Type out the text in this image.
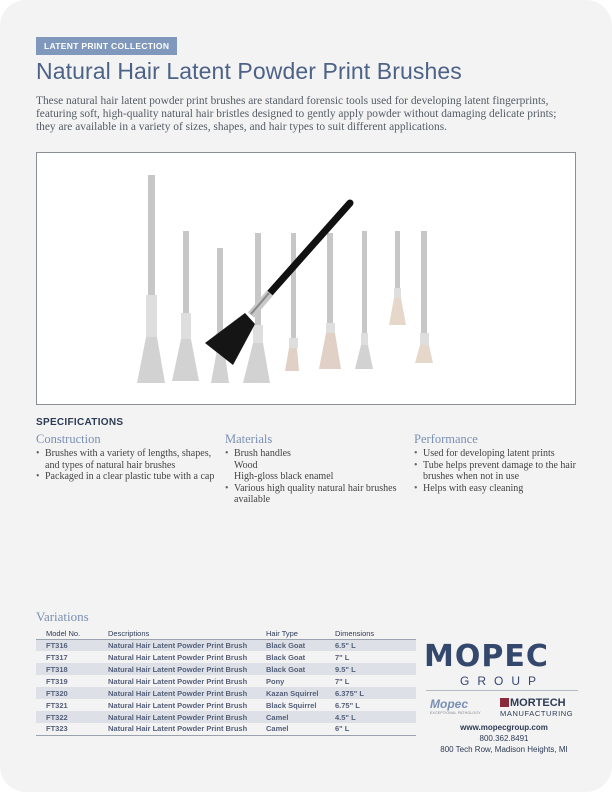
LATENT PRINT COLLECTION
Natural Hair Latent Powder Print Brushes
These natural hair latent powder print brushes are standard forensic tools used for developing latent fingerprints, featuring soft, high-quality natural hair bristles designed to gently apply powder without damaging delicate prints; they are available in a variety of sizes, shapes, and hair types to suit different applications.
SPECIFICATIONS
Construction
• Brushes with a variety of lengths, shapes, and types of natural hair brushes
• Packaged in a clear plastic tube with a cap
Materials
• Brush handles
Wood
High-gloss black enamel
• Various high quality natural hair brushes available
Performance
• Used for developing latent prints
• Tube helps prevent damage to the hair brushes when not in use
• Helps with easy cleaning
Variations
Model No.	Descriptions	Hair Type	Dimensions
FT316	Natural Hair Latent Powder Print Brush	Black Goat	6.5" L
FT317	Natural Hair Latent Powder Print Brush	Black Goat	7" L
FT318	Natural Hair Latent Powder Print Brush	Black Goat	9.5" L
FT319	Natural Hair Latent Powder Print Brush	Pony	7" L
FT320	Natural Hair Latent Powder Print Brush	Kazan Squirrel	6.375" L
FT321	Natural Hair Latent Powder Print Brush	Black Squirrel	6.75" L
FT322	Natural Hair Latent Powder Print Brush	Camel	4.5" L
FT323	Natural Hair Latent Powder Print Brush	Camel	6" L
MOPEC
GROUP
Mopec
EXCEPTIONAL PATHOLOGY
MORTECH
MANUFACTURING
www.mopecgroup.com
800.362.8491
800 Tech Row, Madison Heights, MI
